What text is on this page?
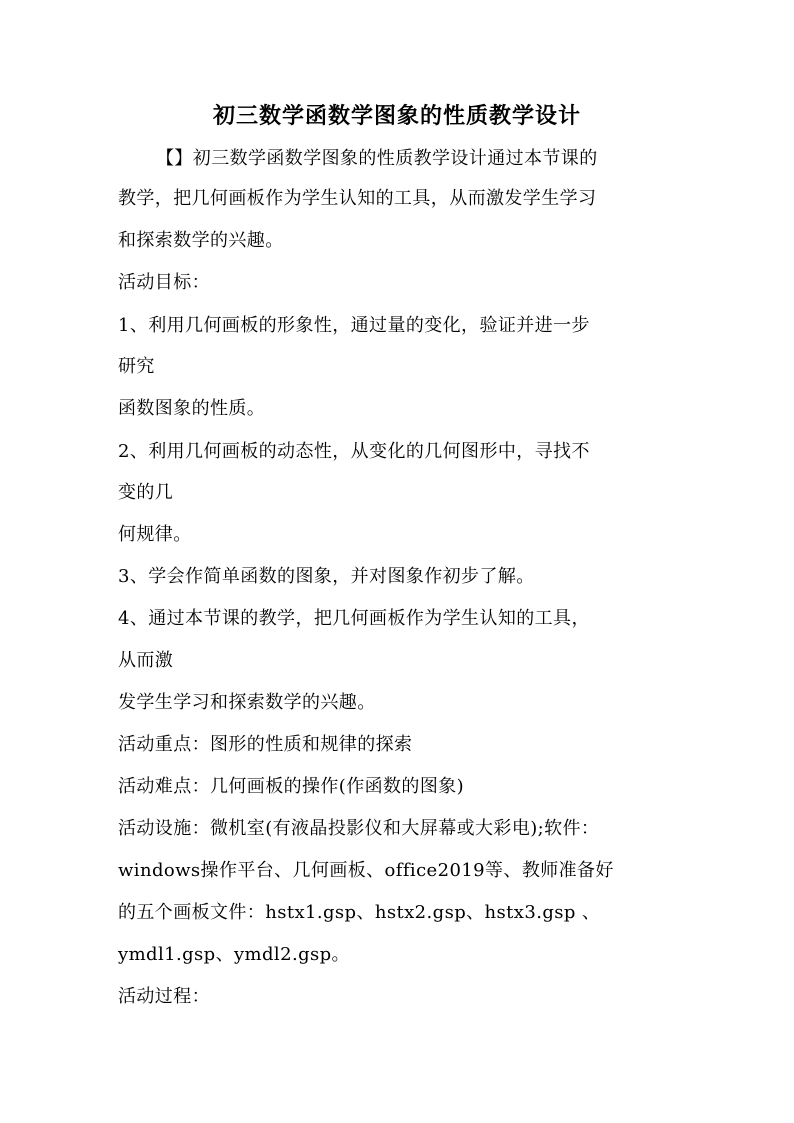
初三数学函数学图象的性质教学设计
【】初三数学函数学图象的性质教学设计通过本节课的
教学，把几何画板作为学生认知的工具，从而激发学生学习
和探索数学的兴趣。
活动目标：
1、利用几何画板的形象性，通过量的变化，验证并进一步
研究
函数图象的性质。
2、利用几何画板的动态性，从变化的几何图形中，寻找不
变的几
何规律。
3、学会作简单函数的图象，并对图象作初步了解。
4、通过本节课的教学，把几何画板作为学生认知的工具，
从而激
发学生学习和探索数学的兴趣。
活动重点：图形的性质和规律的探索
活动难点：几何画板的操作(作函数的图象)
活动设施：微机室(有液晶投影仪和大屏幕或大彩电);软件：
windows操作平台、几何画板、office2019等、教师准备好
的五个画板文件：hstx1.gsp、hstx2.gsp、hstx3.gsp 、
ymdl1.gsp、ymdl2.gsp。
活动过程：
